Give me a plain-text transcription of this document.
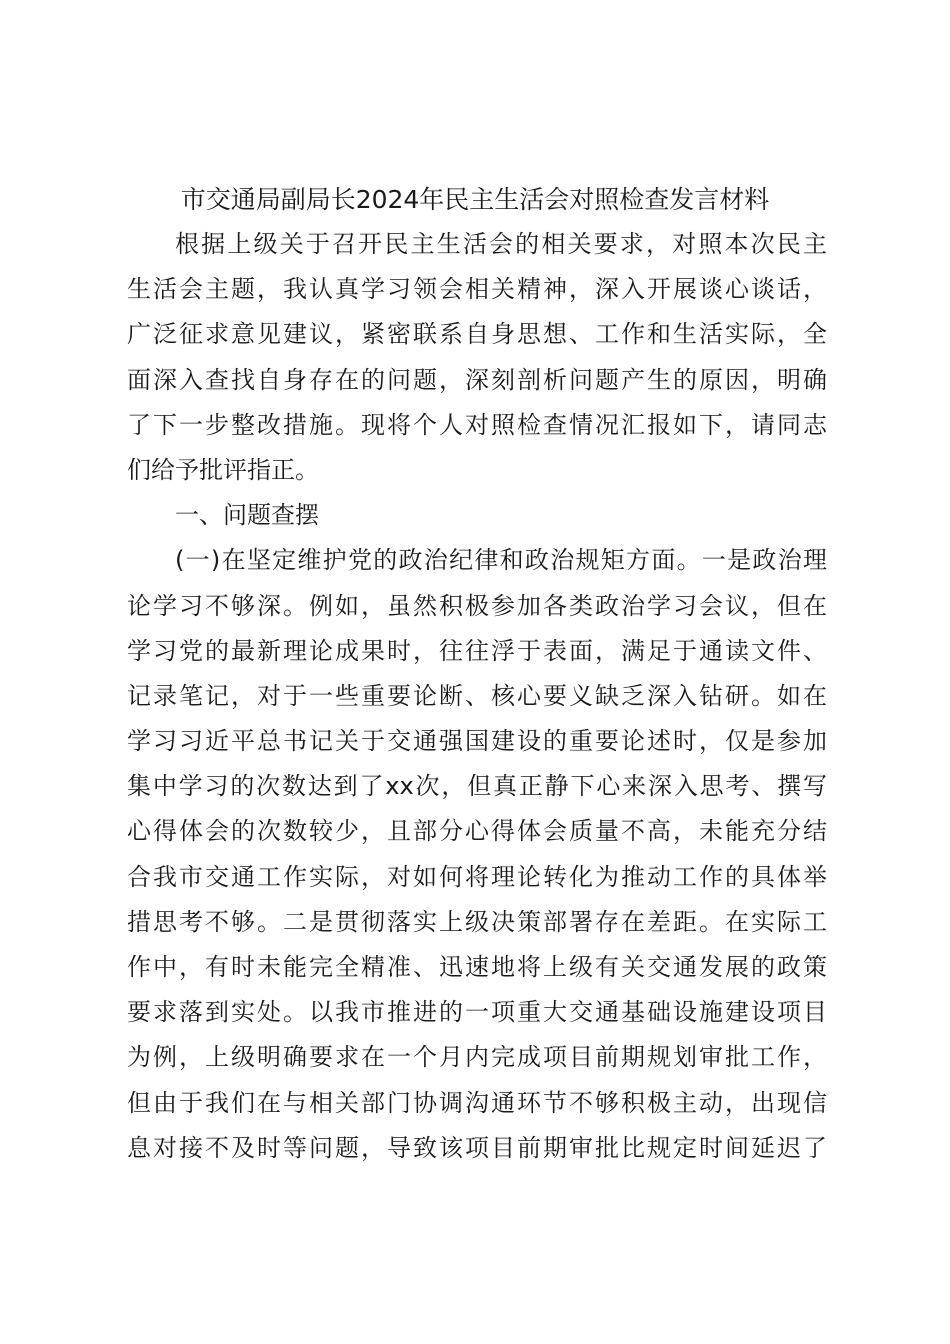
市交通局副局长2024年民主生活会对照检查发言材料
根据上级关于召开民主生活会的相关要求，对照本次民主
生活会主题，我认真学习领会相关精神，深入开展谈心谈话，
广泛征求意见建议，紧密联系自身思想、工作和生活实际，全
面深入查找自身存在的问题，深刻剖析问题产生的原因，明确
了下一步整改措施。现将个人对照检查情况汇报如下，请同志
们给予批评指正。
一、问题查摆
(一)在坚定维护党的政治纪律和政治规矩方面。一是政治理
论学习不够深。例如，虽然积极参加各类政治学习会议，但在
学习党的最新理论成果时，往往浮于表面，满足于通读文件、
记录笔记，对于一些重要论断、核心要义缺乏深入钻研。如在
学习习近平总书记关于交通强国建设的重要论述时，仅是参加
集中学习的次数达到了xx次，但真正静下心来深入思考、撰写
心得体会的次数较少，且部分心得体会质量不高，未能充分结
合我市交通工作实际，对如何将理论转化为推动工作的具体举
措思考不够。二是贯彻落实上级决策部署存在差距。在实际工
作中，有时未能完全精准、迅速地将上级有关交通发展的政策
要求落到实处。以我市推进的一项重大交通基础设施建设项目
为例，上级明确要求在一个月内完成项目前期规划审批工作，
但由于我们在与相关部门协调沟通环节不够积极主动，出现信
息对接不及时等问题，导致该项目前期审批比规定时间延迟了
